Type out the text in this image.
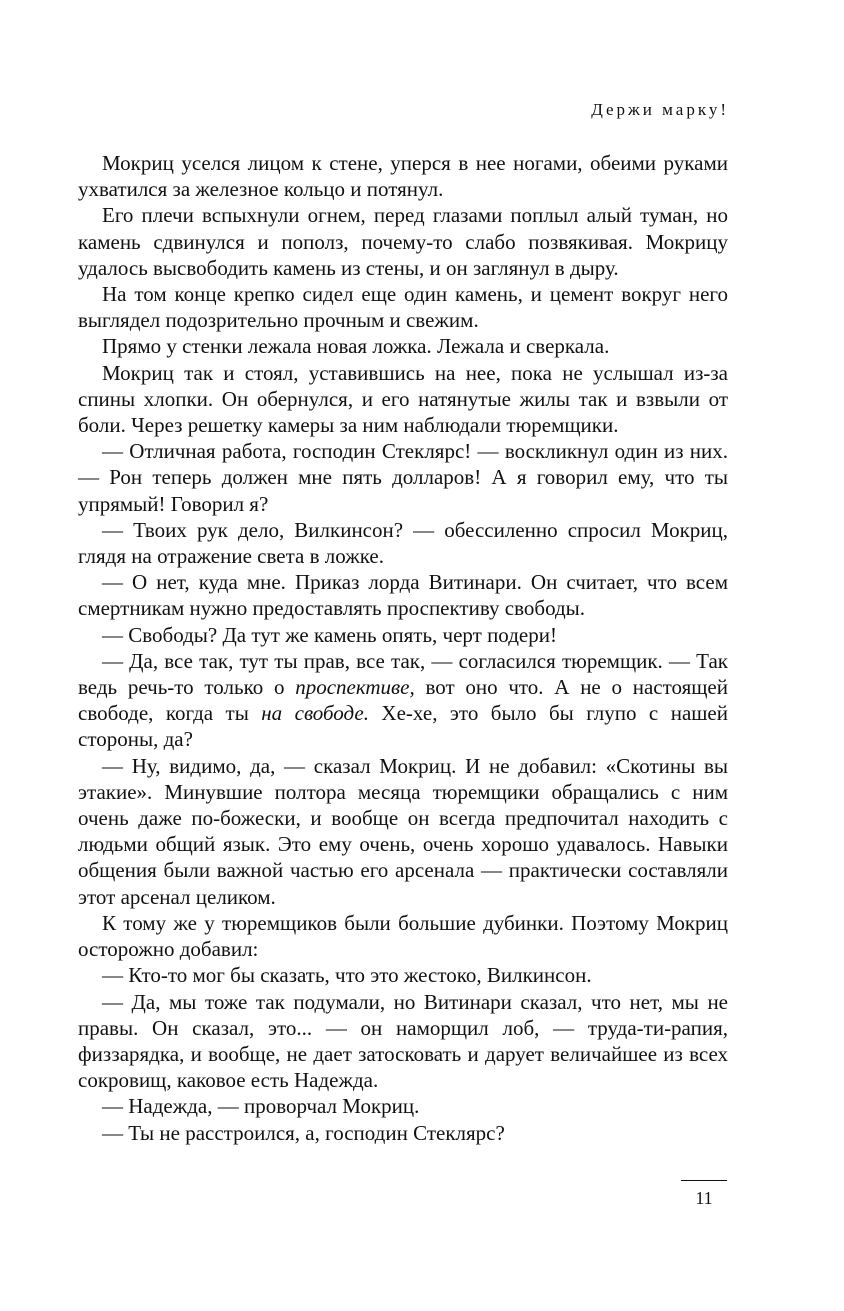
Держи марку!

Мокриц уселся лицом к стене, уперся в нее ногами, обеими руками ухватился за железное кольцо и потянул.

Его плечи вспыхнули огнем, перед глазами поплыл алый туман, но камень сдвинулся и пополз, почему-то слабо позвякивая. Мокрицу удалось высвободить камень из стены, и он заглянул в дыру.

На том конце крепко сидел еще один камень, и цемент вокруг него выглядел подозрительно прочным и свежим.

Прямо у стенки лежала новая ложка. Лежала и сверкала.

Мокриц так и стоял, уставившись на нее, пока не услышал из-за спины хлопки. Он обернулся, и его натянутые жилы так и взвыли от боли. Через решетку камеры за ним наблюдали тюремщики.

— Отличная работа, господин Стеклярс! — воскликнул один из них. — Рон теперь должен мне пять долларов! А я говорил ему, что ты упрямый! Говорил я?

— Твоих рук дело, Вилкинсон? — обессиленно спросил Мокриц, глядя на отражение света в ложке.

— О нет, куда мне. Приказ лорда Витинари. Он считает, что всем смертникам нужно предоставлять проспективу свободы.

— Свободы? Да тут же камень опять, черт подери!

— Да, все так, тут ты прав, все так, — согласился тюремщик. — Так ведь речь-то только о проспективе, вот оно что. А не о настоящей свободе, когда ты на свободе. Хе-хе, это было бы глупо с нашей стороны, да?

— Ну, видимо, да, — сказал Мокриц. И не добавил: «Скотины вы этакие». Минувшие полтора месяца тюремщики обращались с ним очень даже по-божески, и вообще он всегда предпочитал находить с людьми общий язык. Это ему очень, очень хорошо удавалось. Навыки общения были важной частью его арсенала — практически составляли этот арсенал целиком.

К тому же у тюремщиков были большие дубинки. Поэтому Мокриц осторожно добавил:

— Кто-то мог бы сказать, что это жестоко, Вилкинсон.

— Да, мы тоже так подумали, но Витинари сказал, что нет, мы не правы. Он сказал, это... — он наморщил лоб, — труда-ти-рапия, физзарядка, и вообще, не дает затосковать и дарует величайшее из всех сокровищ, каковое есть Надежда.

— Надежда, — проворчал Мокриц.

— Ты не расстроился, а, господин Стеклярс?

11
